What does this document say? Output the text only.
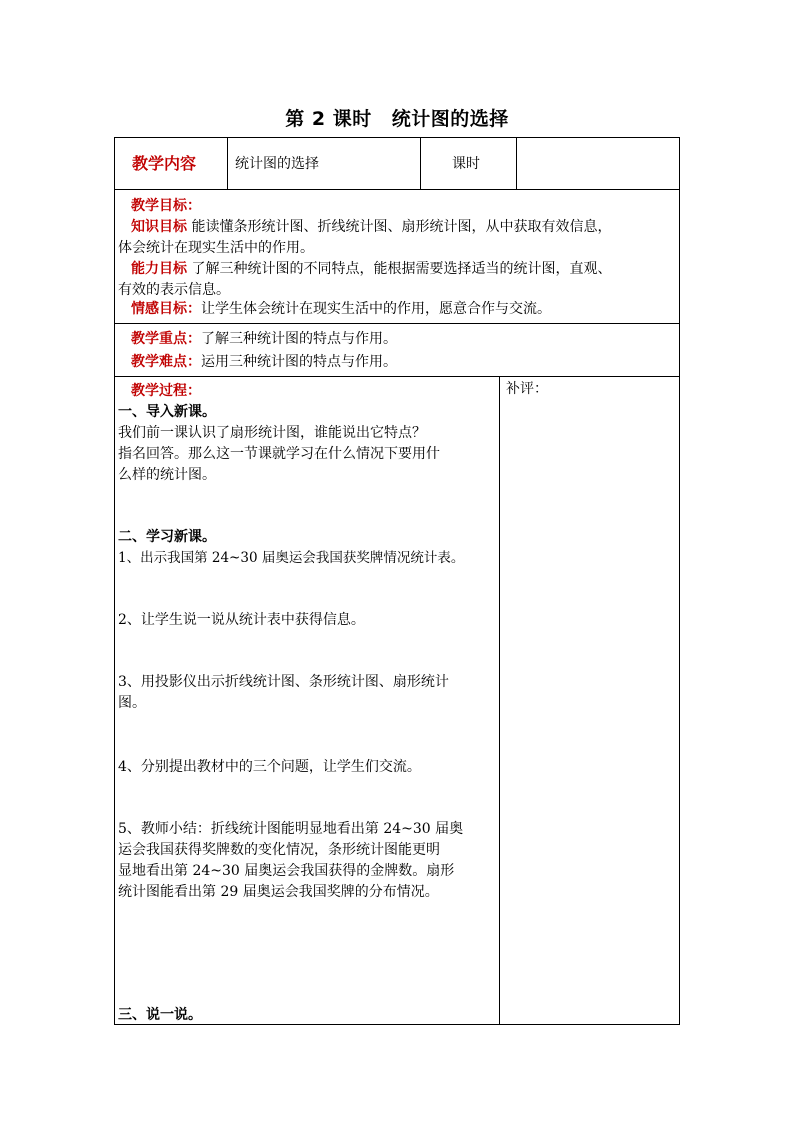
第 2 课时 统计图的选择
教学内容	统计图的选择	课时
教学目标：
知识目标 能读懂条形统计图、折线统计图、扇形统计图，从中获取有效信息，
体会统计在现实生活中的作用。
能力目标 了解三种统计图的不同特点，能根据需要选择适当的统计图，直观、
有效的表示信息。
情感目标：让学生体会统计在现实生活中的作用，愿意合作与交流。
教学重点：了解三种统计图的特点与作用。
教学难点：运用三种统计图的特点与作用。
教学过程：
一、导入新课。
我们前一课认识了扇形统计图，谁能说出它特点？
指名回答。那么这一节课就学习在什么情况下要用什
么样的统计图。
二、学习新课。
1、出示我国第 24~30 届奥运会我国获奖牌情况统计表。
2、让学生说一说从统计表中获得信息。
3、用投影仪出示折线统计图、条形统计图、扇形统计
图。
4、分别提出教材中的三个问题，让学生们交流。
5、教师小结：折线统计图能明显地看出第 24~30 届奥
运会我国获得奖牌数的变化情况，条形统计图能更明
显地看出第 24~30 届奥运会我国获得的金牌数。扇形
统计图能看出第 29 届奥运会我国奖牌的分布情况。
三、说一说。
补评：
